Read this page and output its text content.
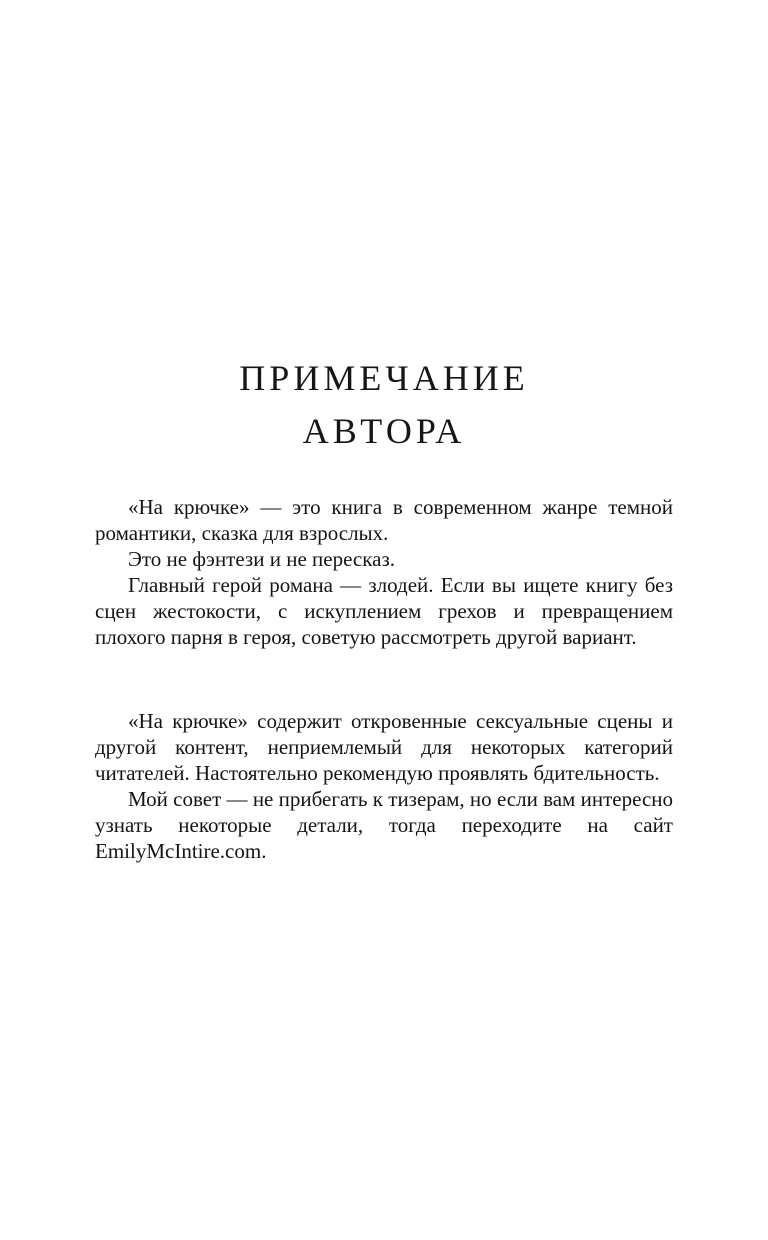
ПРИМЕЧАНИЕ
АВТОРА

«На крючке» — это книга в современном жанре темной романтики, сказка для взрослых.

Это не фэнтези и не пересказ.

Главный герой романа — злодей. Если вы ищете книгу без сцен жестокости, с искуплением грехов и превращением плохого парня в героя, советую рассмотреть другой вариант.

«На крючке» содержит откровенные сексуальные сцены и другой контент, неприемлемый для некоторых категорий читателей. Настоятельно рекомендую проявлять бдительность.

Мой совет — не прибегать к тизерам, но если вам интересно узнать некоторые детали, тогда переходите на сайт EmilyMcIntire.com.
